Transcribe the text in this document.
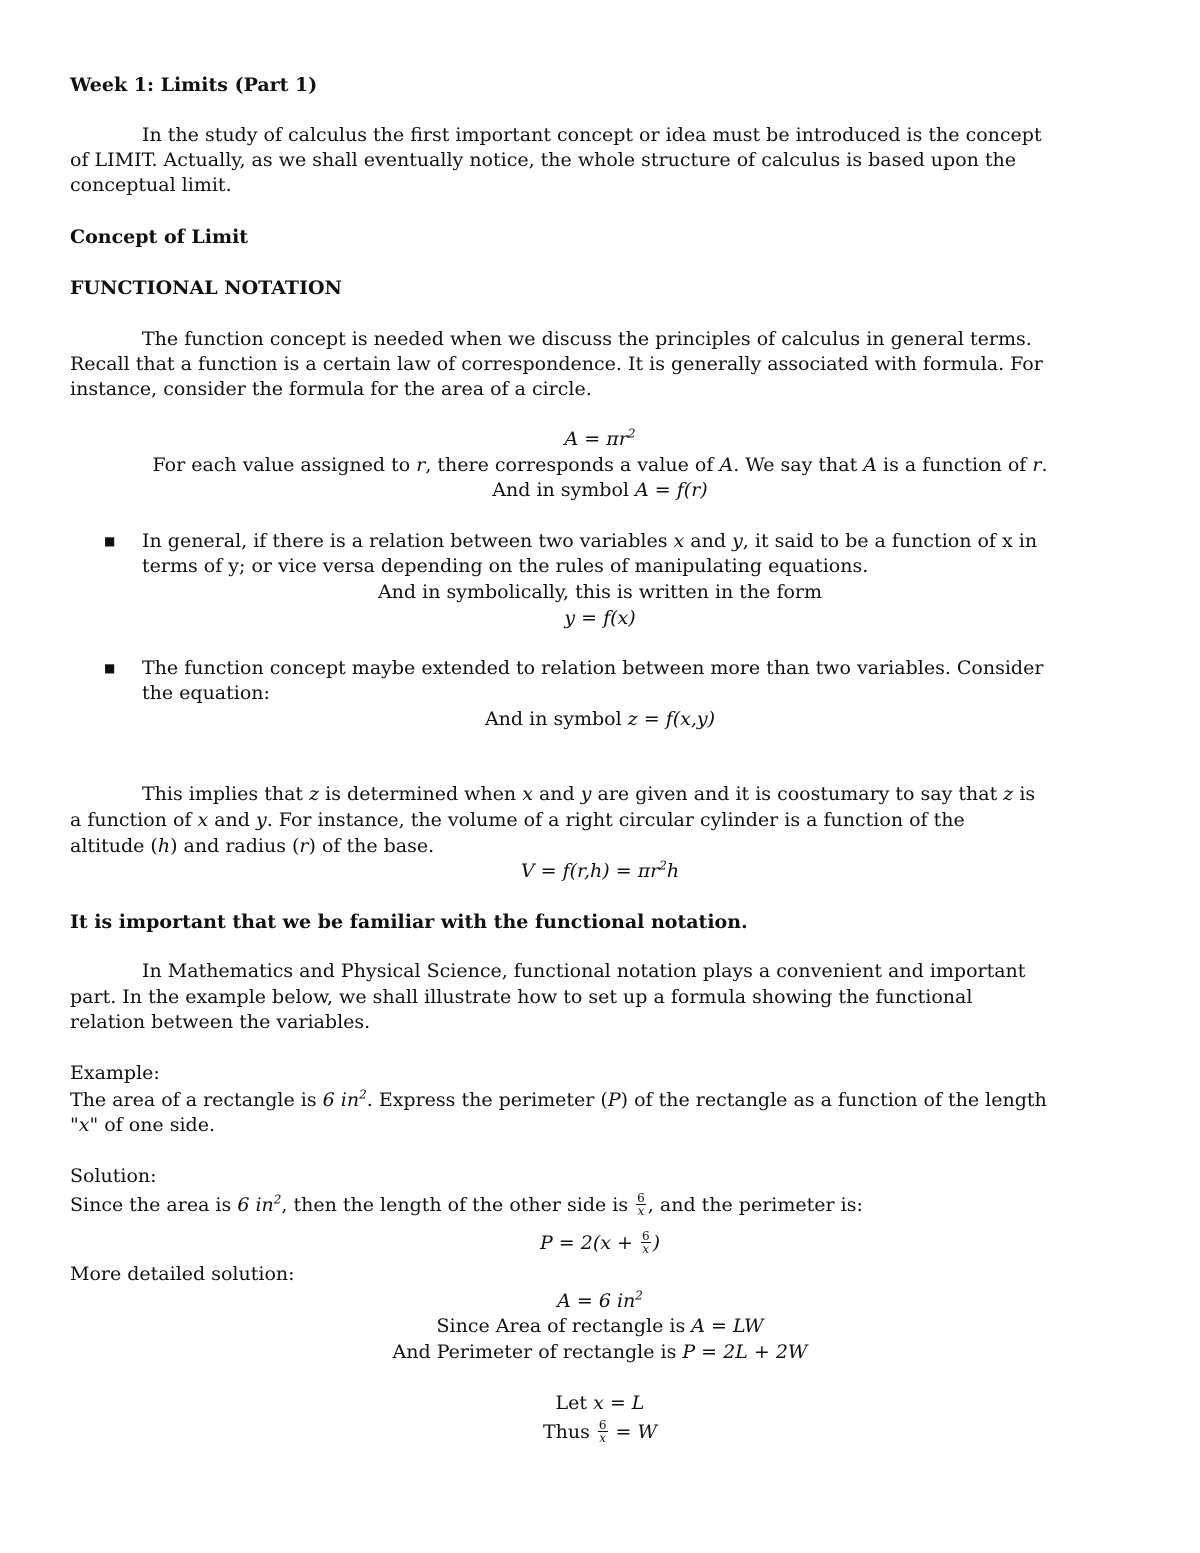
Week 1: Limits (Part 1)
In the study of calculus the first important concept or idea must be introduced is the concept
of LIMIT. Actually, as we shall eventually notice, the whole structure of calculus is based upon the
conceptual limit.
Concept of Limit
FUNCTIONAL NOTATION
The function concept is needed when we discuss the principles of calculus in general terms.
Recall that a function is a certain law of correspondence. It is generally associated with formula. For
instance, consider the formula for the area of a circle.
$A = \pi r^2$
For each value assigned to r, there corresponds a value of A. We say that A is a function of r.
And in symbol A = f(r)
■ In general, if there is a relation between two variables x and y, it said to be a function of x in
terms of y; or vice versa depending on the rules of manipulating equations.
And in symbolically, this is written in the form
y = f(x)
■ The function concept maybe extended to relation between more than two variables. Consider
the equation:
And in symbol z = f(x,y)
This implies that z is determined when x and y are given and it is coostumary to say that z is
a function of x and y. For instance, the volume of a right circular cylinder is a function of the
altitude (h) and radius (r) of the base.
$V = f(r,h) = \pi r^2h$
It is important that we be familiar with the functional notation.
In Mathematics and Physical Science, functional notation plays a convenient and important
part. In the example below, we shall illustrate how to set up a formula showing the functional
relation between the variables.
Example:
The area of a rectangle is 6 $in^2$. Express the perimeter (P) of the rectangle as a function of the length
"x" of one side.
Solution:
Since the area is 6 $in^2$, then the length of the other side is $\frac{6}{x}$ , and the perimeter is:
$P = 2(x + \frac{6}{x}$ )
More detailed solution:
A = 6 $in^2$
Since Area of rectangle is A = LW
And Perimeter of rectangle is P = 2L + 2W
Let x = L
Thus $\frac{6}{x} = W$
